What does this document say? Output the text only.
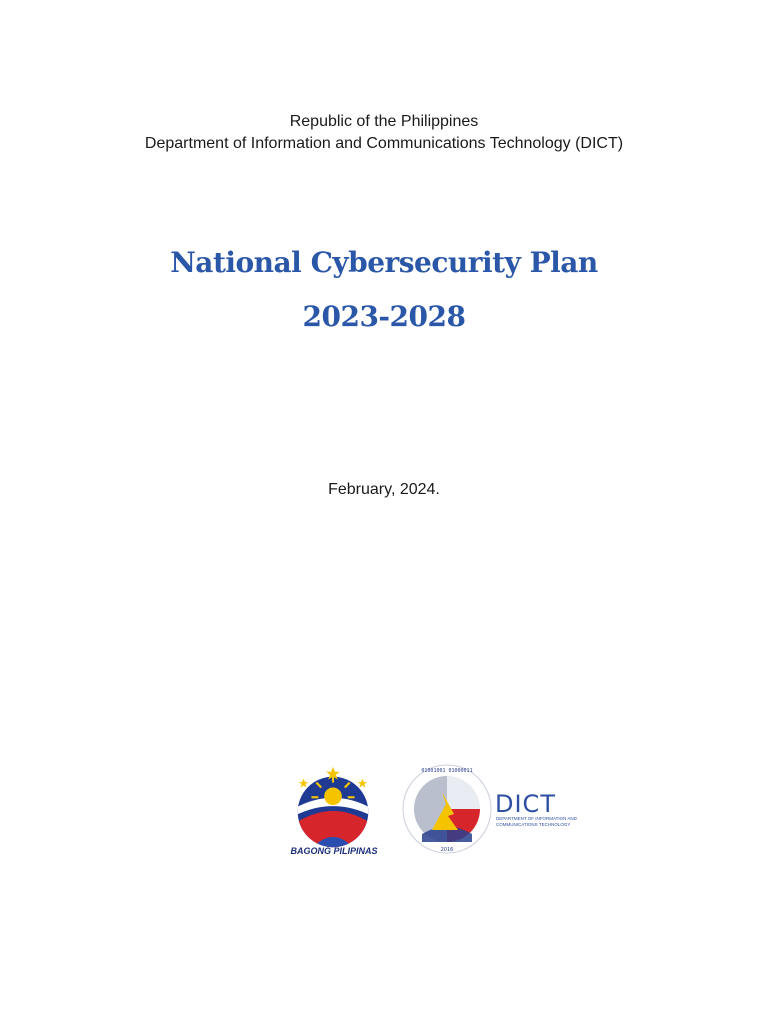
Republic of the Philippines
Department of Information and Communications Technology (DICT)
National Cybersecurity Plan
2023-2028
February, 2024.
BAGONG PILIPINAS
01001001 01000011
2016
DICT
DEPARTMENT OF INFORMATION AND COMMUNICATIONS TECHNOLOGY
